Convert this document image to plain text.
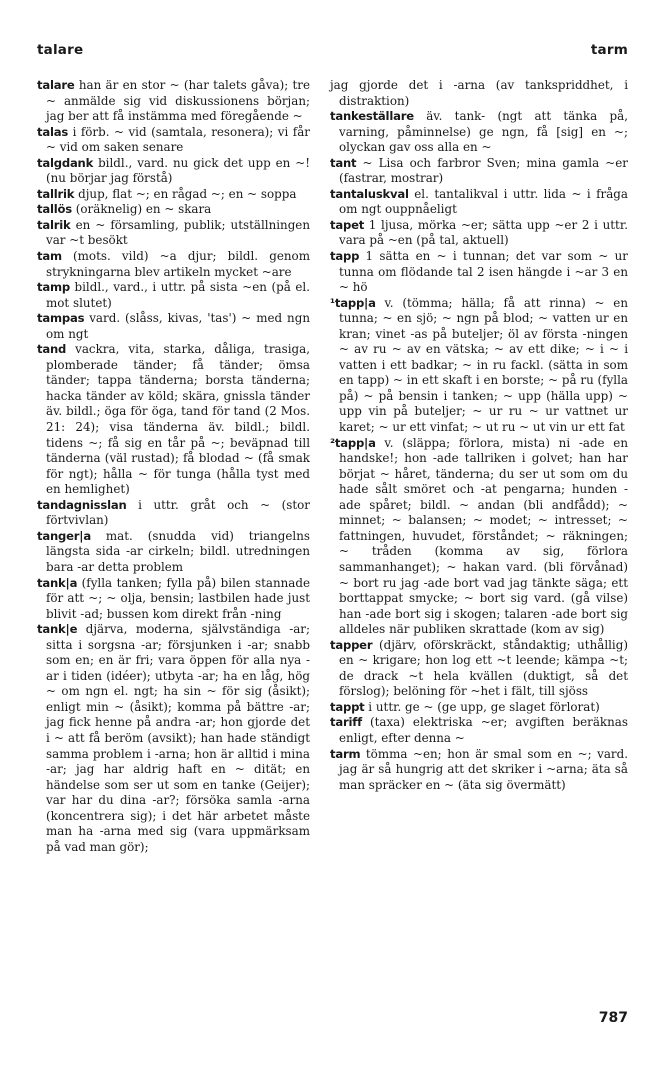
talare	tarm

talare han är en stor ~ (har talets gåva); tre ~ anmälde sig vid diskussionens början; jag ber att få instämma med föregående ~

talas i förb. ~ vid (samtala, resonera); vi får ~ vid om saken senare

talgdank bildl., vard. nu gick det upp en ~! (nu börjar jag förstå)

tallrik djup, flat ~; en rågad ~; en ~ soppa

tallös (oräknelig) en ~ skara

talrik en ~ församling, publik; utställningen var ~t besökt

tam (mots. vild) ~a djur; bildl. genom strykningarna blev artikeln mycket ~are

tamp bildl., vard., i uttr. på sista ~en (på el. mot slutet)

tampas vard. (slåss, kivas, 'tas') ~ med ngn om ngt

tand vackra, vita, starka, dåliga, trasiga, plomberade tänder; få tänder; ömsa tänder; tappa tänderna; borsta tänderna; hacka tänder av köld; skära, gnissla tänder äv. bildl.; öga för öga, tand för tand (2 Mos. 21: 24); visa tänderna äv. bildl.; bildl. tidens ~; få sig en tår på ~; beväpnad till tänderna (väl rustad); få blodad ~ (få smak för ngt); hålla ~ för tunga (hålla tyst med en hemlighet)

tandagnisslan i uttr. gråt och ~ (stor förtvivlan)

tanger|a mat. (snudda vid) triangelns längsta sida -ar cirkeln; bildl. utredningen bara -ar detta problem

tank|a (fylla tanken; fylla på) bilen stannade för att ~; ~ olja, bensin; lastbilen hade just blivit -ad; bussen kom direkt från -ning

tank|e djärva, moderna, självständiga -ar; sitta i sorgsna -ar; försjunken i -ar; snabb som en; en är fri; vara öppen för alla nya -ar i tiden (idéer); utbyta -ar; ha en låg, hög ~ om ngn el. ngt; ha sin ~ för sig (åsikt); enligt min ~ (åsikt); komma på bättre -ar; jag fick henne på andra -ar; hon gjorde det i ~ att få beröm (avsikt); han hade ständigt samma problem i -arna; hon är alltid i mina -ar; jag har aldrig haft en ~ dität; en händelse som ser ut som en tanke (Geijer); var har du dina -ar?; försöka samla -arna (koncentrera sig); i det här arbetet måste man ha -arna med sig (vara uppmärksam på vad man gör);

jag gjorde det i -arna (av tankspriddhet, i distraktion)

tankeställare äv. tank- (ngt att tänka på, varning, påminnelse) ge ngn, få [sig] en ~; olyckan gav oss alla en ~

tant ~ Lisa och farbror Sven; mina gamla ~er (fastrar, mostrar)

tantaluskval el. tantalikval i uttr. lida ~ i fråga om ngt ouppnåeligt

tapet 1 ljusa, mörka ~er; sätta upp ~er 2 i uttr. vara på ~en (på tal, aktuell)

tapp 1 sätta en ~ i tunnan; det var som ~ ur tunna om flödande tal 2 isen hängde i ~ar 3 en ~ hö

¹tapp|a v. (tömma; hälla; få att rinna) ~ en tunna; ~ en sjö; ~ ngn på blod; ~ vatten ur en kran; vinet -as på buteljer; öl av första -ningen ~ av ru ~ av en vätska; ~ av ett dike; ~ i ~ i vatten i ett badkar; ~ in ru fackl. (sätta in som en tapp) ~ in ett skaft i en borste; ~ på ru (fylla på) ~ på bensin i tanken; ~ upp (hälla upp) ~ upp vin på buteljer; ~ ur ru ~ ur vattnet ur karet; ~ ur ett vinfat; ~ ut ru ~ ut vin ur ett fat

²tapp|a v. (släppa; förlora, mista) ni -ade en handske!; hon -ade tallriken i golvet; han har börjat ~ håret, tänderna; du ser ut som om du hade sålt smöret och -at pengarna; hunden -ade spåret; bildl. ~ andan (bli andfådd); ~ minnet; ~ balansen; ~ modet; ~ intresset; ~ fattningen, huvudet, förståndet; ~ räkningen; ~ tråden (komma av sig, förlora sammanhanget); ~ hakan vard. (bli förvånad) ~ bort ru jag -ade bort vad jag tänkte säga; ett borttappat smycke; ~ bort sig vard. (gå vilse) han -ade bort sig i skogen; talaren -ade bort sig alldeles när publiken skrattade (kom av sig)

tapper (djärv, oförskräckt, ståndaktig; uthållig) en ~ krigare; hon log ett ~t leende; kämpa ~t; de drack ~t hela kvällen (duktigt, så det förslog); belöning för ~het i fält, till sjöss

tappt i uttr. ge ~ (ge upp, ge slaget förlorat)

tariff (taxa) elektriska ~er; avgiften beräknas enligt, efter denna ~

tarm tömma ~en; hon är smal som en ~; vard. jag är så hungrig att det skriker i ~arna; äta så man spräcker en ~ (äta sig övermätt)

787
